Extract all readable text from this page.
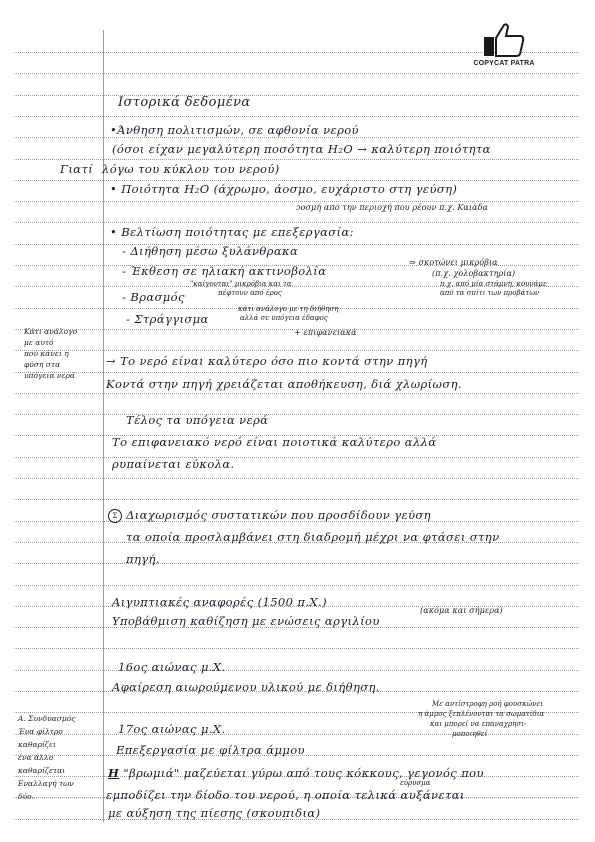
COPYCAT PATRA
Ιστορικά δεδομένα
•Άνθηση πολιτισμών, σε αφθονία νερού
(όσοι είχαν μεγαλύτερη ποσότητα H₂O → καλύτερη ποιότητα
Γιατί λόγω του κύκλου του νερού)
• Ποιότητα H₂O (άχρωμο, άοσμο, ευχάριστο στη γεύση)
ↄοσμή από την περιοχή που ρέουν π.χ. Καιάδα
• Βελτίωση ποιότητας με επεξεργασία:
- Διήθηση μέσω ξυλάνθρακα
- Έκθεση σε ηλιακή ακτινοβολία
⇒ σκοτώνει μικρόβια
(π.χ. χολοβακτηρία)
- Βρασμός
"καίγονται" μικρόβια και τα
πέφτουν από έρος
π.χ. από μία στάμνη, κουνάμε
από τα σπίτι των προβάτων
- Στράγγισμα
κάτι ανάλογο με τη διήθηση
αλλά σε υπόγεια έδαφος
+ επιφανειακά
Κάτι ανάλογο
με αυτό
που κάνει η
φύση στα
υπόγεια νερά
→ Το νερό είναι καλύτερο όσο πιο κοντά στην πηγή
Κοντά στην πηγή χρειάζεται αποθήκευση, διά χλωρίωση.
Τέλος τα υπόγεια νερά
Το επιφανειακό νερό είναι ποιοτικά καλύτερο αλλά
ρυπαίνεται εύκολα.
Σ Διαχωρισμός συστατικών που προσδίδουν γεύση
τα οποία προσλαμβάνει στη διαδρομή μέχρι να φτάσει στην
πηγή.
Αιγυπτιακές αναφορές (1500 π.Χ.)
Υποβάθμιση καθίζηση με ενώσεις αργιλίου
(ακόμα και σήμερα)
16ος αιώνας μ.Χ.
Αφαίρεση αιωρούμενου υλικού με διήθηση.
17ος αιώνας μ.Χ.
Με αντίστροφη ροή φουσκώνει
η άμμος ξεπλένονται τα σωματίδια
και μπορεί να επαναχρησι-
μοποιηθεί
Επεξεργασία με φίλτρα άμμου
Η "βρωμιά" μαζεύεται γύρω από τους κόκκους, γεγονός που
εμποδίζει την δίοδο του νερού, η οποία τελικά αυξάνεται
εύρυσμα
με αύξηση της πίεσης (σκουπιδια)
Α. Συνδυασμός
Ένα φίλτρο
καθαρίζει
ένα άλλο
καθαρίζεται
Εναλλαγή των
δύο.
